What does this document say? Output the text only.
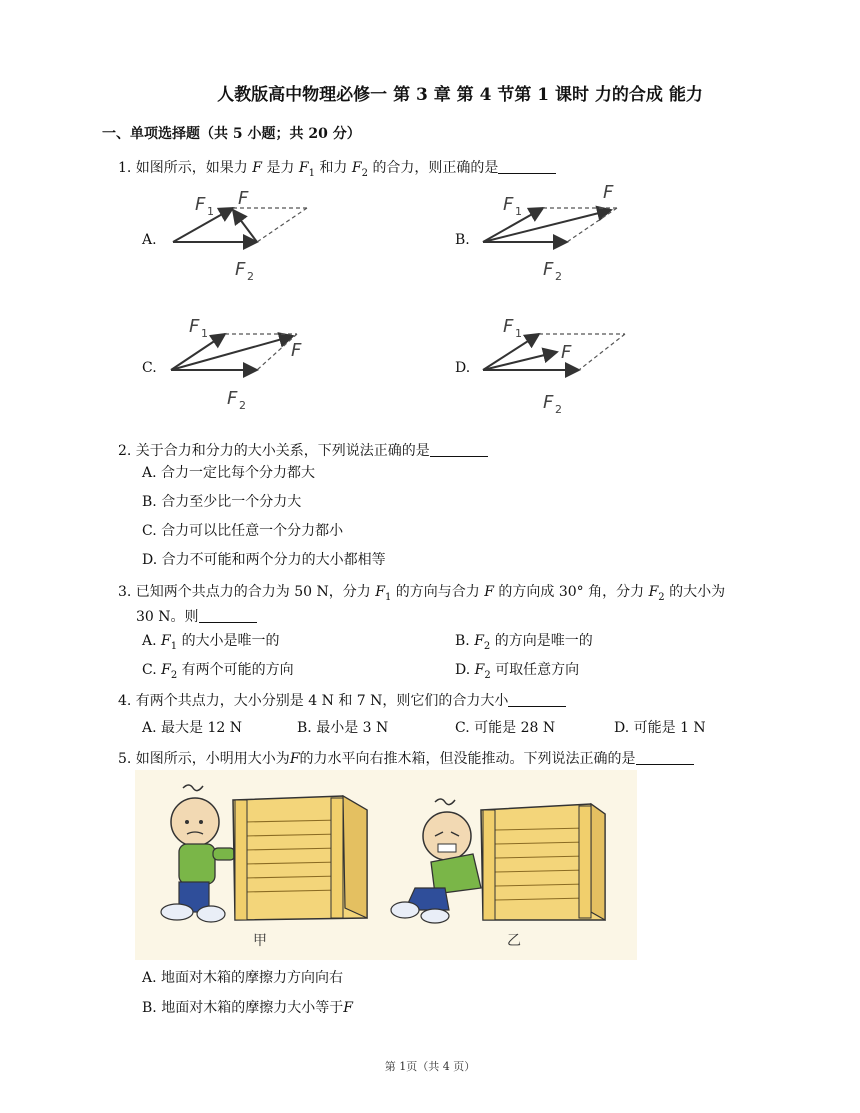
人教版高中物理必修一 第 3 章 第 4 节第 1 课时 力的合成 能力
一、单项选择题（共 5 小题；共 20 分）
1. 如图所示，如果力 F 是力 $F_1$ 和力 $F_2$ 的合力，则正确的是
A.	B.
C.	D.
F 1
F
F 2
F 1
F
F 2
F 1
F
F 2
F 1
F
F 2
2. 关于合力和分力的大小关系，下列说法正确的是
A. 合力一定比每个分力都大
B. 合力至少比一个分力大
C. 合力可以比任意一个分力都小
D. 合力不可能和两个分力的大小都相等
3. 已知两个共点力的合力为 50 N，分力 $F_1$ 的方向与合力 F 的方向成 30° 角，分力 $F_2$ 的大小为
30 N。则
A. $F_1$ 的大小是唯一的	B. $F_2$ 的方向是唯一的
C. $F_2$ 有两个可能的方向	D. $F_2$ 可取任意方向
4. 有两个共点力，大小分别是 4 N 和 7 N，则它们的合力大小
A. 最大是 12 N	B. 最小是 3 N	C. 可能是 28 N	D. 可能是 1 N
5. 如图所示，小明用大小为F的力水平向右推木箱，但没能推动。下列说法正确的是
甲	乙
A. 地面对木箱的摩擦力方向向右
B. 地面对木箱的摩擦力大小等于F
第 1页（共 4 页）
